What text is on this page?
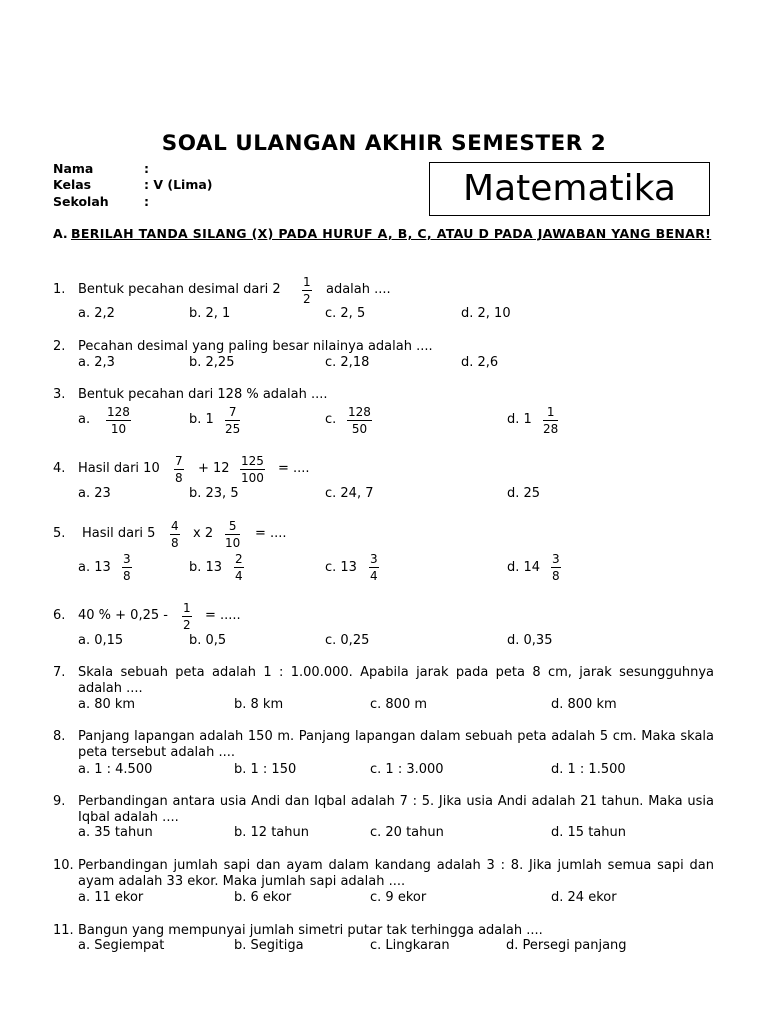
SOAL ULANGAN AKHIR SEMESTER 2
Nama	:
Kelas	: V (Lima)
Sekolah	:	Matematika
A. BERILAH TANDA SILANG (X) PADA HURUF A, B, C, ATAU D PADA JAWABAN YANG BENAR!
1. Bentuk pecahan desimal dari $2 \frac{1}{2}$ adalah ....
a. 2,2	b. 2, 1	c. 2, 5	d. 2, 10
2. Pecahan desimal yang paling besar nilainya adalah ....
a. 2,3	b. 2,25	c. 2,18	d. 2,6
3. Bentuk pecahan dari 128 % adalah ....
a. $\frac{128}{10}$	b. $1 \frac{7}{25}$	c. $\frac{128}{50}$	d. $1 \frac{1}{28}$
4. Hasil dari $10 \frac{7}{8} + 12 \frac{125}{100}$ = ....
a. 23	b. 23, 5	c. 24, 7	d. 25
5. Hasil dari $5 \frac{4}{8}$ x $2 \frac{5}{10}$ = ....
a. $13 \frac{3}{8}$	b. $13 \frac{2}{4}$	c. $13 \frac{3}{4}$	d. $14 \frac{3}{8}$
6. 40 % + $0,25 - \frac{1}{2}$ = .....
a. 0,15	b. 0,5	c. 0,25	d. 0,35
7. Skala sebuah peta adalah 1 : 1.00.000. Apabila jarak pada peta 8 cm, jarak sesungguhnya adalah ....
a. 80 km	b. 8 km	c. 800 m	d. 800 km
8. Panjang lapangan adalah 150 m. Panjang lapangan dalam sebuah peta adalah 5 cm. Maka skala peta tersebut adalah ....
a. 1 : 4.500	b. 1 : 150	c. 1 : 3.000	d. 1 : 1.500
9. Perbandingan antara usia Andi dan Iqbal adalah 7 : 5. Jika usia Andi adalah 21 tahun. Maka usia Iqbal adalah ....
a. 35 tahun	b. 12 tahun	c. 20 tahun	d. 15 tahun
10. Perbandingan jumlah sapi dan ayam dalam kandang adalah 3 : 8. Jika jumlah semua sapi dan ayam adalah 33 ekor. Maka jumlah sapi adalah ....
a. 11 ekor	b. 6 ekor	c. 9 ekor	d. 24 ekor
11. Bangun yang mempunyai jumlah simetri putar tak terhingga adalah ....
a. Segiempat	b. Segitiga	c. Lingkaran	d. Persegi panjang
